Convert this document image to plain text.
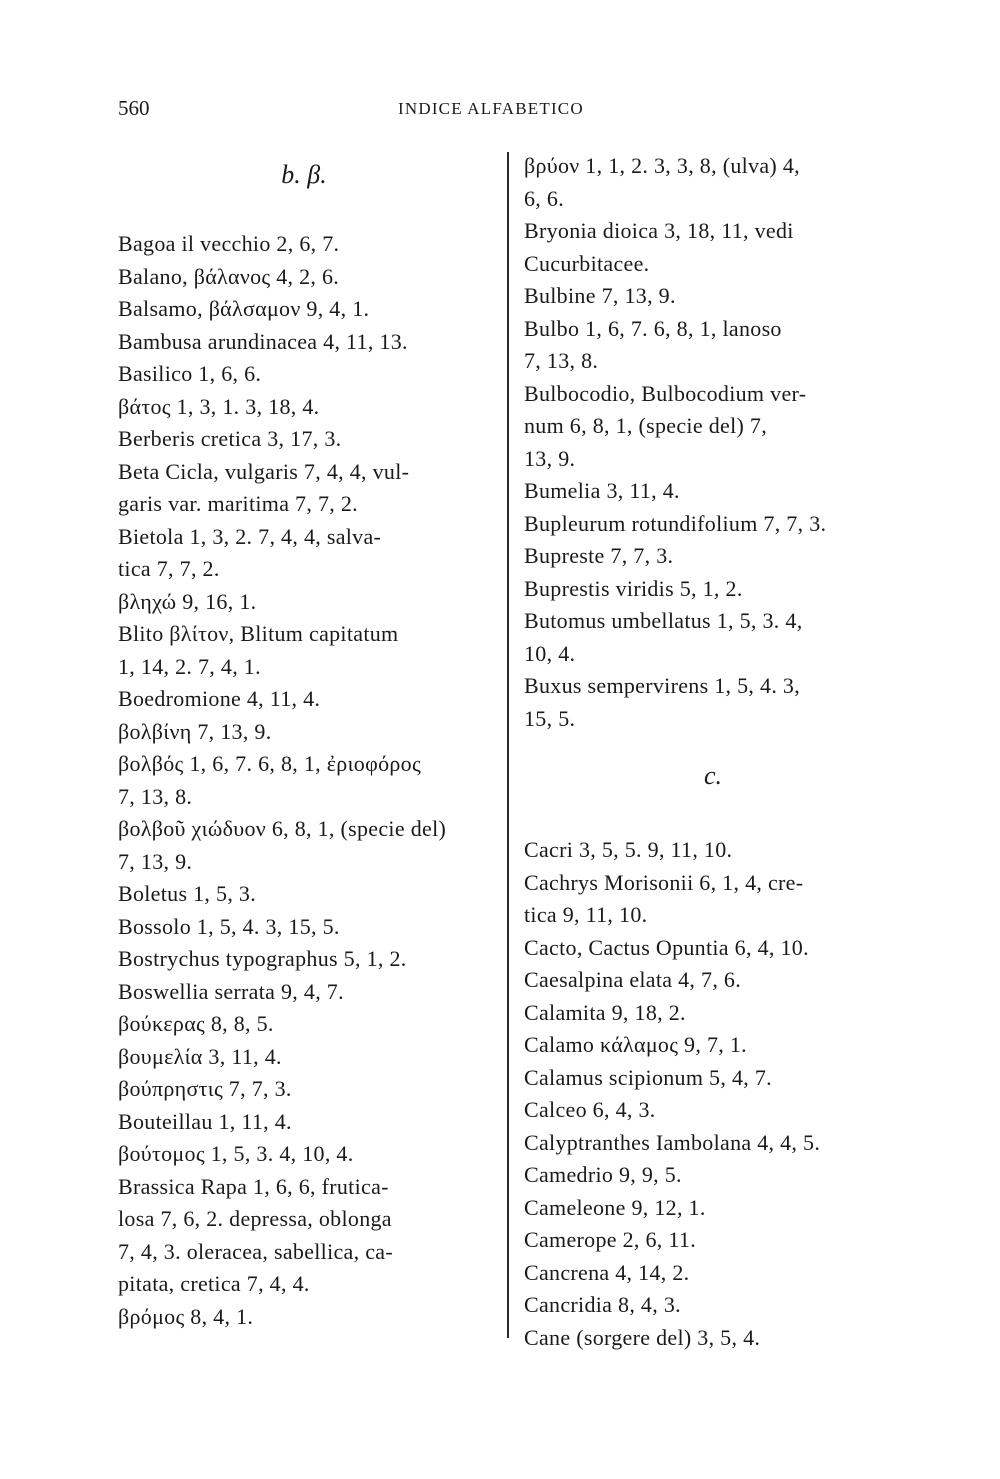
560	INDICE ALFABETICO
b. β.

Bagoa il vecchio 2, 6, 7.

Balano, βάλανος 4, 2, 6.

Balsamo, βάλσαμον 9, 4, 1.

Bambusa arundinacea 4, 11, 13.

Basilico 1, 6, 6.

βάτος 1, 3, 1. 3, 18, 4.

Berberis cretica 3, 17, 3.

Beta Cicla, vulgaris 7, 4, 4, vul-

garis var. maritima 7, 7, 2.

Bietola 1, 3, 2. 7, 4, 4, salva-

tica 7, 7, 2.

βληχώ 9, 16, 1.

Blito βλίτον, Blitum capitatum

1, 14, 2. 7, 4, 1.

Boedromione 4, 11, 4.

βολβίνη 7, 13, 9.

βολβός 1, 6, 7. 6, 8, 1, ἐριοφόρος

7, 13, 8.

βολβοῦ χιώδυον 6, 8, 1, (specie del)

7, 13, 9.

Boletus 1, 5, 3.

Bossolo 1, 5, 4. 3, 15, 5.

Bostrychus typographus 5, 1, 2.

Boswellia serrata 9, 4, 7.

βούκερας 8, 8, 5.

βουμελία 3, 11, 4.

βούπρηστις 7, 7, 3.

Bouteillau 1, 11, 4.

βούτομος 1, 5, 3. 4, 10, 4.

Brassica Rapa 1, 6, 6, frutica-

losa 7, 6, 2. depressa, oblonga

7, 4, 3. oleracea, sabellica, ca-

pitata, cretica 7, 4, 4.

βρόμος 8, 4, 1.

βρύον 1, 1, 2. 3, 3, 8, (ulva) 4,

6, 6.

Bryonia dioica 3, 18, 11, vedi

Cucurbitacee.

Bulbine 7, 13, 9.

Bulbo 1, 6, 7. 6, 8, 1, lanoso

7, 13, 8.

Bulbocodio, Bulbocodium ver-

num 6, 8, 1, (specie del) 7,

13, 9.

Bumelia 3, 11, 4.

Bupleurum rotundifolium 7, 7, 3.

Bupreste 7, 7, 3.

Buprestis viridis 5, 1, 2.

Butomus umbellatus 1, 5, 3. 4,

10, 4.

Buxus sempervirens 1, 5, 4. 3,

15, 5.

c.

Cacri 3, 5, 5. 9, 11, 10.

Cachrys Morisonii 6, 1, 4, cre-

tica 9, 11, 10.

Cacto, Cactus Opuntia 6, 4, 10.

Caesalpina elata 4, 7, 6.

Calamita 9, 18, 2.

Calamo κάλαμος 9, 7, 1.

Calamus scipionum 5, 4, 7.

Calceo 6, 4, 3.

Calyptranthes Iambolana 4, 4, 5.

Camedrio 9, 9, 5.

Cameleone 9, 12, 1.

Camerope 2, 6, 11.

Cancrena 4, 14, 2.

Cancridia 8, 4, 3.

Cane (sorgere del) 3, 5, 4.
